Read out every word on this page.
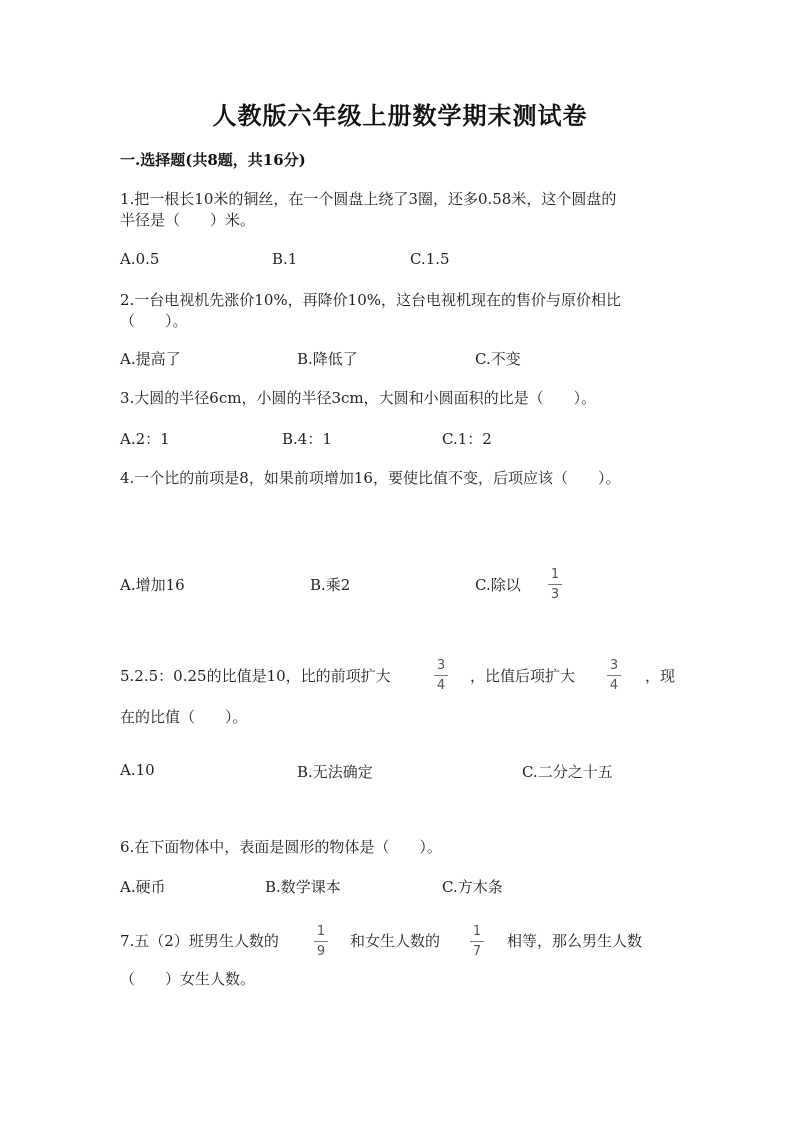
人教版六年级上册数学期末测试卷
一.选择题(共8题，共16分)
1.把一根长10米的铜丝，在一个圆盘上绕了3圈，还多0.58米，这个圆盘的
半径是（　　）米。
A.0.5	B.1	C.1.5
2.一台电视机先涨价10%，再降价10%，这台电视机现在的售价与原价相比
（　　）。
A.提高了	B.降低了	C.不变
3.大圆的半径6cm，小圆的半径3cm，大圆和小圆面积的比是（　　）。
A.2：1	B.4：1	C.1：2
4.一个比的前项是8，如果前项增加16，要使比值不变，后项应该（　　）。
A.增加16	B.乘2	C.除以
1
3
5.2.5：0.25的比值是10，比的前项扩大
3
4
，比值后项扩大
3
4
，现
在的比值（　　）。
A.10	B.无法确定	C.二分之十五
6.在下面物体中，表面是圆形的物体是（　　）。
A.硬币	B.数学课本	C.方木条
7.五（2）班男生人数的
1
9
和女生人数的
1
7
相等，那么男生人数
（　　）女生人数。
